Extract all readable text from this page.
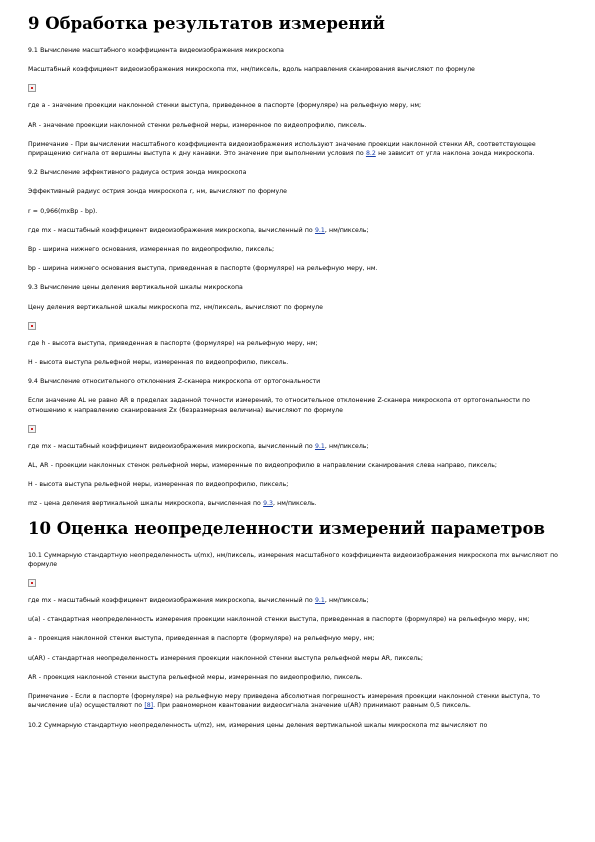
9 Обработка результатов измерений

9.1 Вычисление масштабного коэффициента видеоизображения микроскопа

Масштабный коэффициент видеоизображения микроскопа mx, нм/пиксель, вдоль направления сканирования вычисляют по формуле

где а - значение проекции наклонной стенки выступа, приведенное в паспорте (формуляре) на рельефную меру, нм;

AR - значение проекции наклонной стенки рельефной меры, измеренное по видеопрофилю, пиксель.

Примечание - При вычислении масштабного коэффициента видеоизображения используют значение проекции наклонной стенки AR, соответствующее приращению сигнала от вершины выступа к дну канавки. Это значение при выполнении условия по 8.2 не зависит от угла наклона зонда микроскопа.

9.2 Вычисление эффективного радиуса острия зонда микроскопа

Эффективный радиус острия зонда микроскопа r, нм, вычисляют по формуле

r = 0,966(mxBp - bp).

где mx - масштабный коэффициент видеоизображения микроскопа, вычисленный по 9.1, нм/пиксель;

Bp - ширина нижнего основания, измеренная по видеопрофилю, пиксель;

bp - ширина нижнего основания выступа, приведенная в паспорте (формуляре) на рельефную меру, нм.

9.3 Вычисление цены деления вертикальной шкалы микроскопа

Цену деления вертикальной шкалы микроскопа mz, нм/пиксель, вычисляют по формуле

где h - высота выступа, приведенная в паспорте (формуляре) на рельефную меру, нм;

H - высота выступа рельефной меры, измеренная по видеопрофилю, пиксель.

9.4 Вычисление относительного отклонения Z-сканера микроскопа от ортогональности

Если значение AL не равно AR в пределах заданной точности измерений, то относительное отклонение Z-сканера микроскопа от ортогональности по отношению к направлению сканирования Zx (безразмерная величина) вычисляют по формуле

где mx - масштабный коэффициент видеоизображения микроскопа, вычисленный по 9.1, нм/пиксель;

AL, AR - проекции наклонных стенок рельефной меры, измеренные по видеопрофилю в направлении сканирования слева направо, пиксель;

H - высота выступа рельефной меры, измеренная по видеопрофилю, пиксель;

mz - цена деления вертикальной шкалы микроскопа, вычисленная по 9.3, нм/пиксель.

10 Оценка неопределенности измерений параметров

10.1 Суммарную стандартную неопределенность u(mx), нм/пиксель, измерения масштабного коэффициента видеоизображения микроскопа mx вычисляют по формуле

где mx - масштабный коэффициент видеоизображения микроскопа, вычисленный по 9.1, нм/пиксель;

u(a) - стандартная неопределенность измерения проекции наклонной стенки выступа, приведенная в паспорте (формуляре) на рельефную меру, нм;

a - проекция наклонной стенки выступа, приведенная в паспорте (формуляре) на рельефную меру, нм;

u(AR) - стандартная неопределенность измерения проекции наклонной стенки выступа рельефной меры AR, пиксель;

AR - проекция наклонной стенки выступа рельефной меры, измеренная по видеопрофилю, пиксель.

Примечание - Если в паспорте (формуляре) на рельефную меру приведена абсолютная погрешность измерения проекции наклонной стенки выступа, то вычисление u(a) осуществляют по [8]. При равномерном квантовании видеосигнала значение u(AR) принимают равным 0,5 пиксель.

10.2 Суммарную стандартную неопределенность u(mz), нм, измерения цены деления вертикальной шкалы микроскопа mz вычисляют по
